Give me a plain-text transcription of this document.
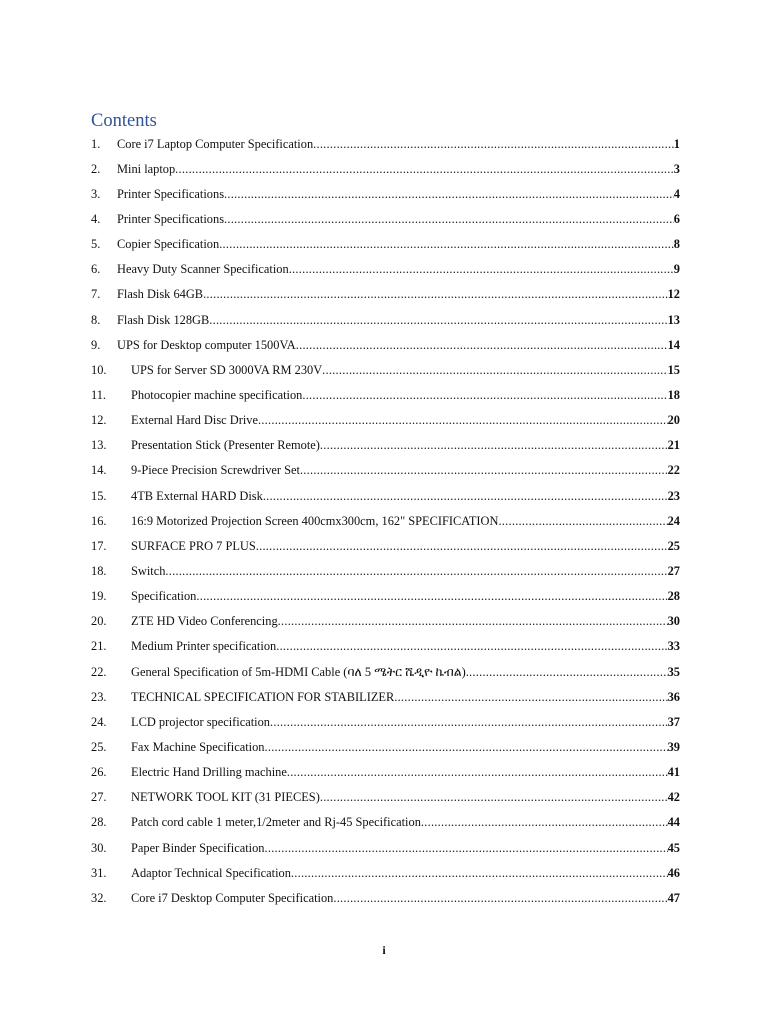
Contents
1.	Core i7 Laptop Computer Specification .....	1
2.	Mini laptop .....	3
3.	Printer Specifications .....	4
4.	Printer Specifications .....	6
5.	Copier Specification .....	8
6.	Heavy Duty Scanner Specification .....	9
7.	Flash Disk 64GB .....	12
8.	Flash Disk 128GB .....	13
9.	UPS for Desktop computer 1500VA .....	14
10.	UPS for Server SD 3000VA RM 230V .....	15
11.	Photocopier machine specification .....	18
12.	External Hard Disc Drive .....	20
13.	Presentation Stick (Presenter Remote) .....	21
14.	9-Piece Precision Screwdriver Set .....	22
15.	4TB External HARD Disk .....	23
16.	16:9 Motorized Projection Screen 400cmx300cm, 162" SPECIFICATION .....	24
17.	SURFACE PRO 7 PLUS .....	25
18.	Switch .....	27
19.	Specification .....	28
20.	ZTE HD Video Conferencing .....	30
21.	Medium Printer specification .....	33
22.	General Specification of 5m-HDMI Cable (ባለ 5 ሜትር ሼዲዮ ኬብል) .....	35
23.	TECHNICAL SPECIFICATION FOR STABILIZER .....	36
24.	LCD projector specification .....	37
25.	Fax Machine Specification .....	39
26.	Electric Hand Drilling machine .....	41
27.	NETWORK TOOL KIT (31 PIECES) .....	42
28.	Patch cord cable 1 meter,1/2meter and Rj-45 Specification .....	44
30.	Paper Binder Specification .....	45
31.	Adaptor Technical Specification .....	46
32.	Core i7 Desktop Computer Specification .....	47
i
